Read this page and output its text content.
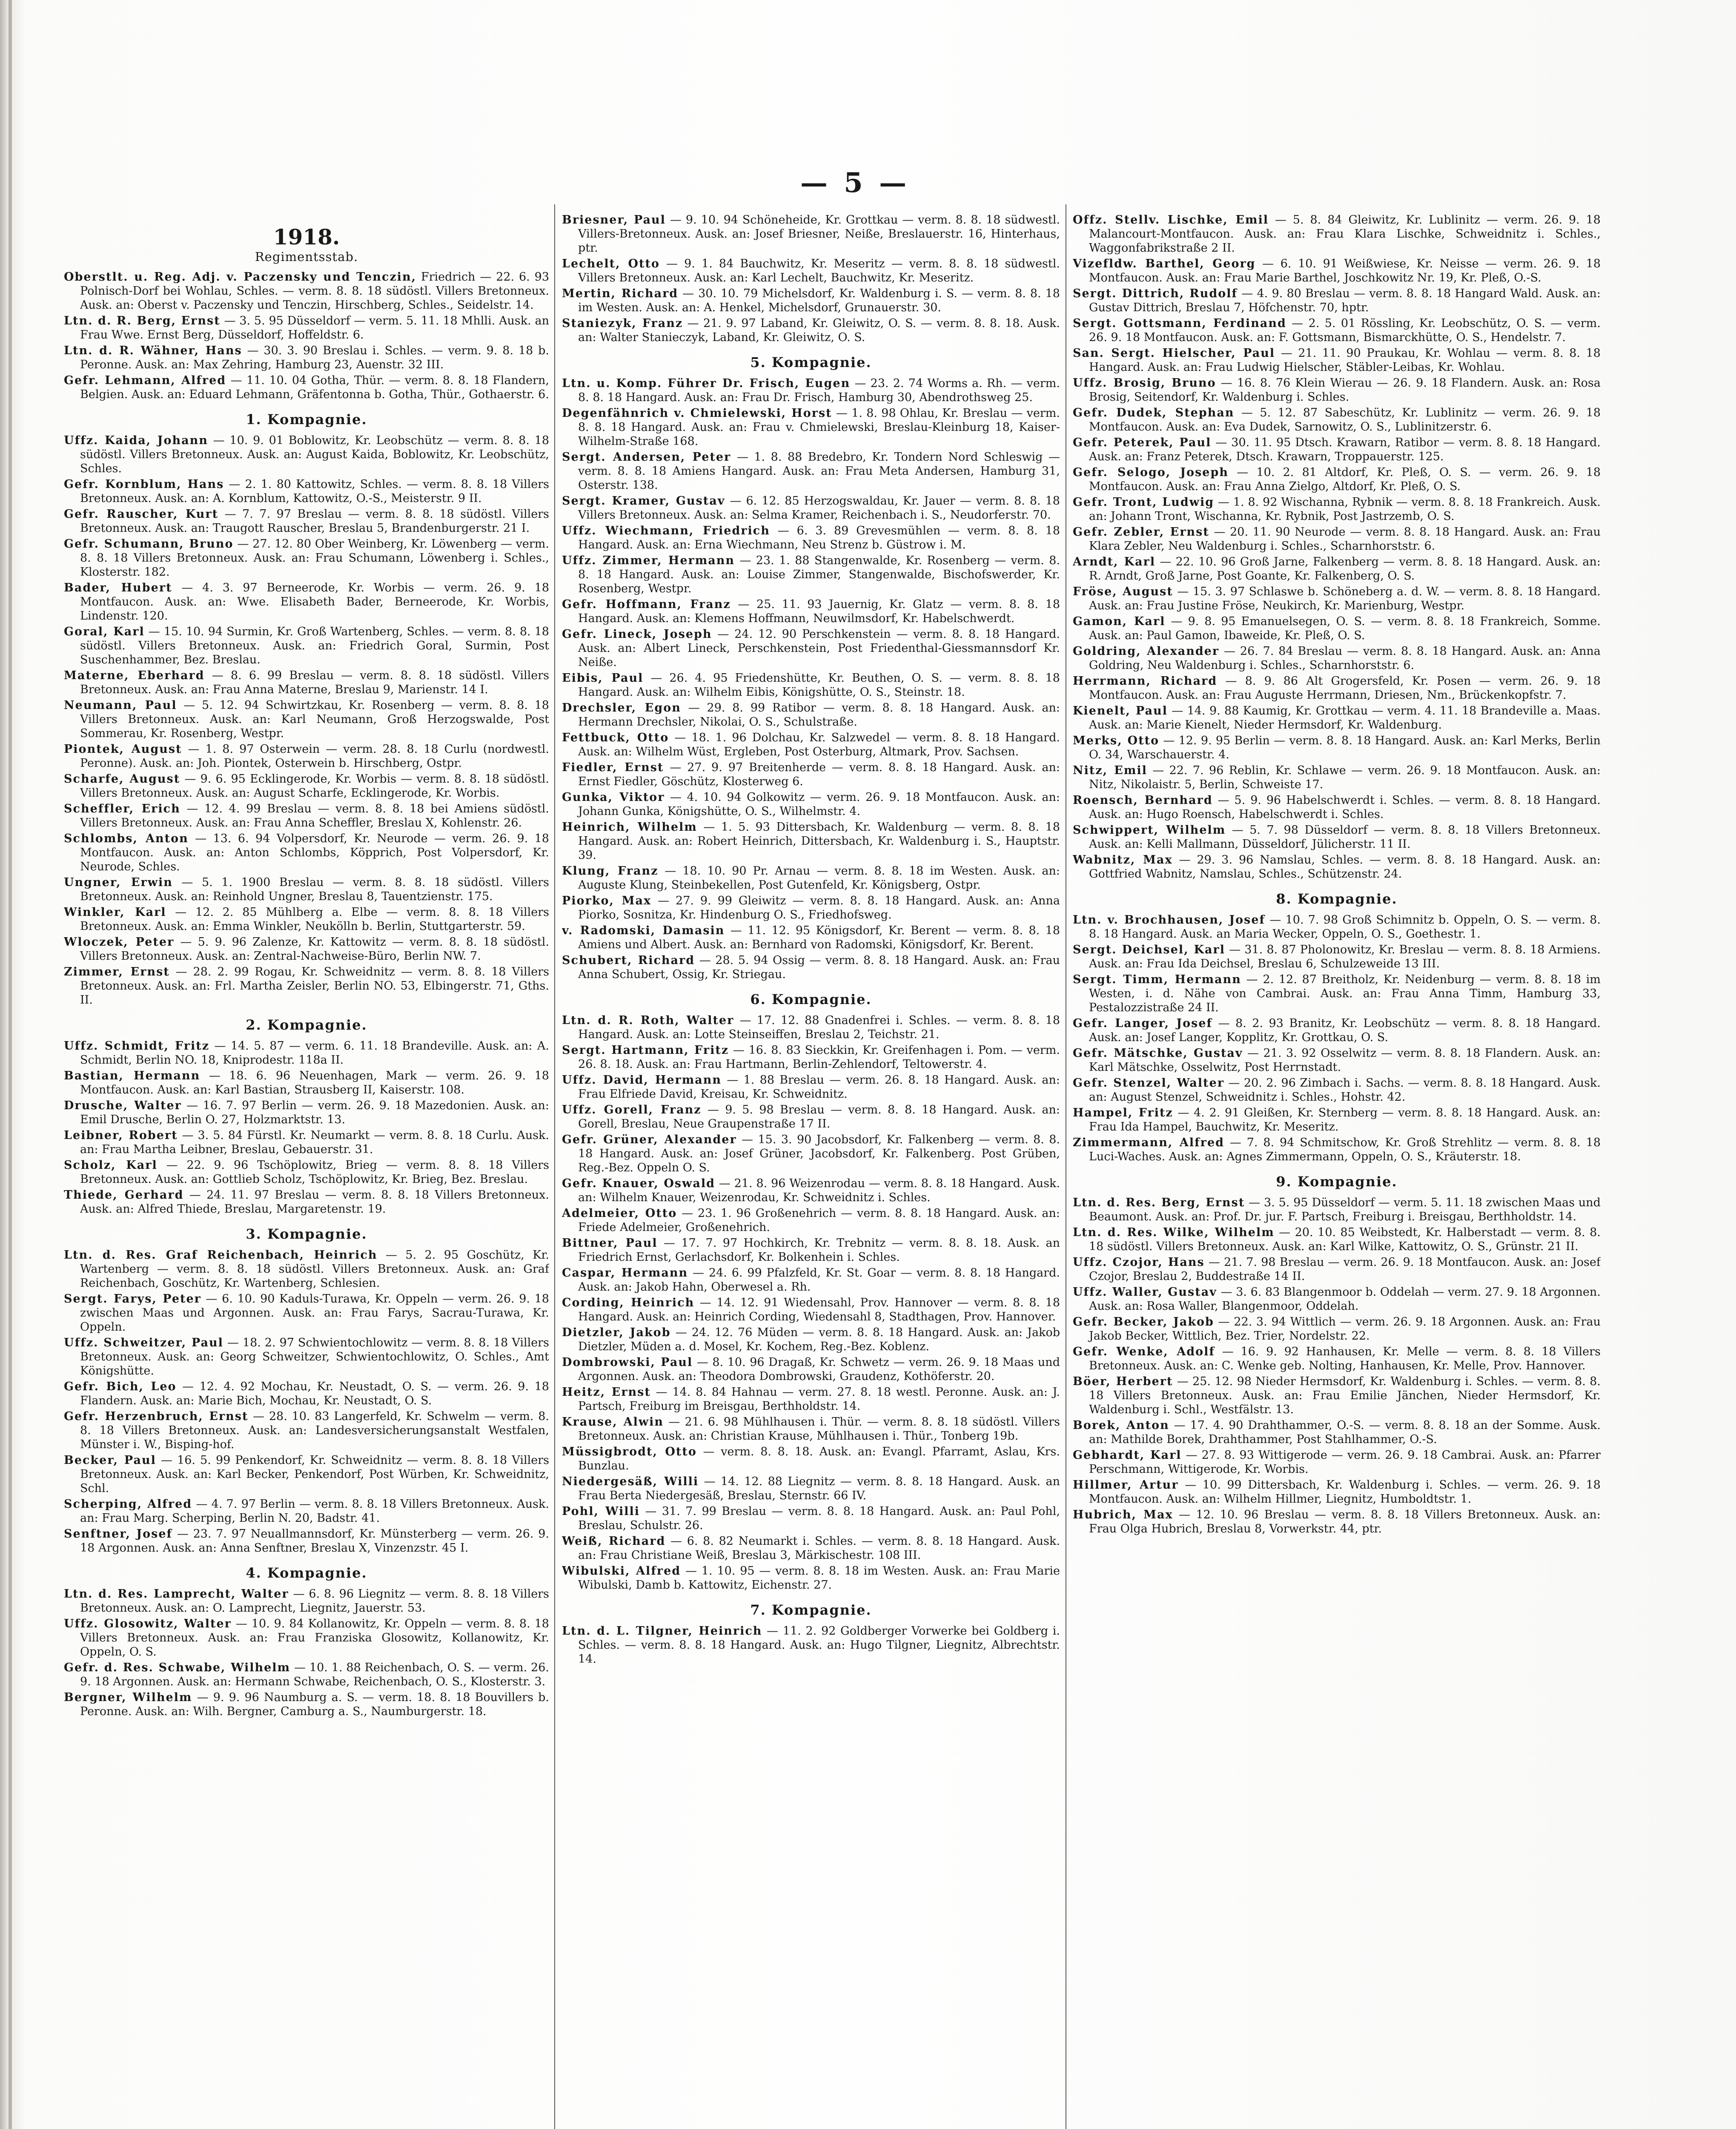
— 5 —
1918.
Regimentsstab.
Oberstlt. u. Reg. Adj. v. Paczensky und Tenczin, Friedrich — 22. 6. 93 Polnisch-Dorf bei Wohlau, Schles. — verm. 8. 8. 18 südöstl. Villers Bretonneux. Ausk. an: Oberst v. Paczensky und Tenczin, Hirschberg, Schles., Seidelstr. 14.
Ltn. d. R. Berg, Ernst — 3. 5. 95 Düsseldorf — verm. 5. 11. 18 Mhlli. Ausk. an Frau Wwe. Ernst Berg, Düsseldorf, Hoffeldstr. 6.
Ltn. d. R. Wähner, Hans — 30. 3. 90 Breslau i. Schles. — verm. 9. 8. 18 b. Peronne. Ausk. an: Max Zehring, Hamburg 23, Auenstr. 32 III.
Gefr. Lehmann, Alfred — 11. 10. 04 Gotha, Thür. — verm. 8. 8. 18 Flandern, Belgien. Ausk. an: Eduard Lehmann, Gräfentonna b. Gotha, Thür., Gothaerstr. 6.
1. Kompagnie.
Uffz. Kaida, Johann — 10. 9. 01 Boblowitz, Kr. Leobschütz — verm. 8. 8. 18 südöstl. Villers Bretonneux. Ausk. an: August Kaida, Boblowitz, Kr. Leobschütz, Schles.
Gefr. Kornblum, Hans — 2. 1. 80 Kattowitz, Schles. — verm. 8. 8. 18 Villers Bretonneux. Ausk. an: A. Kornblum, Kattowitz, O.-S., Meisterstr. 9 II.
Gefr. Rauscher, Kurt — 7. 7. 97 Breslau — verm. 8. 8. 18 südöstl. Villers Bretonneux. Ausk. an: Traugott Rauscher, Breslau 5, Brandenburgerstr. 21 I.
Gefr. Schumann, Bruno — 27. 12. 80 Ober Weinberg, Kr. Löwenberg — verm. 8. 8. 18 Villers Bretonneux. Ausk. an: Frau Schumann, Löwenberg i. Schles., Klosterstr. 182.
Bader, Hubert — 4. 3. 97 Berneerode, Kr. Worbis — verm. 26. 9. 18 Montfaucon. Ausk. an: Wwe. Elisabeth Bader, Berneerode, Kr. Worbis, Lindenstr. 120.
Goral, Karl — 15. 10. 94 Surmin, Kr. Groß Wartenberg, Schles. — verm. 8. 8. 18 südöstl. Villers Bretonneux. Ausk. an: Friedrich Goral, Surmin, Post Suschenhammer, Bez. Breslau.
Materne, Eberhard — 8. 6. 99 Breslau — verm. 8. 8. 18 südöstl. Villers Bretonneux. Ausk. an: Frau Anna Materne, Breslau 9, Marienstr. 14 I.
Neumann, Paul — 5. 12. 94 Schwirtzkau, Kr. Rosenberg — verm. 8. 8. 18 Villers Bretonneux. Ausk. an: Karl Neumann, Groß Herzogswalde, Post Sommerau, Kr. Rosenberg, Westpr.
Piontek, August — 1. 8. 97 Osterwein — verm. 28. 8. 18 Curlu (nordwestl. Peronne). Ausk. an: Joh. Piontek, Osterwein b. Hirschberg, Ostpr.
Scharfe, August — 9. 6. 95 Ecklingerode, Kr. Worbis — verm. 8. 8. 18 südöstl. Villers Bretonneux. Ausk. an: August Scharfe, Ecklingerode, Kr. Worbis.
Scheffler, Erich — 12. 4. 99 Breslau — verm. 8. 8. 18 bei Amiens südöstl. Villers Bretonneux. Ausk. an: Frau Anna Scheffler, Breslau X, Kohlenstr. 26.
Schlombs, Anton — 13. 6. 94 Volpersdorf, Kr. Neurode — verm. 26. 9. 18 Montfaucon. Ausk. an: Anton Schlombs, Köpprich, Post Volpersdorf, Kr. Neurode, Schles.
Ungner, Erwin — 5. 1. 1900 Breslau — verm. 8. 8. 18 südöstl. Villers Bretonneux. Ausk. an: Reinhold Ungner, Breslau 8, Tauentzienstr. 175.
Winkler, Karl — 12. 2. 85 Mühlberg a. Elbe — verm. 8. 8. 18 Villers Bretonneux. Ausk. an: Emma Winkler, Neukölln b. Berlin, Stuttgarterstr. 59.
Wloczek, Peter — 5. 9. 96 Zalenze, Kr. Kattowitz — verm. 8. 8. 18 südöstl. Villers Bretonneux. Ausk. an: Zentral-Nachweise-Büro, Berlin NW. 7.
Zimmer, Ernst — 28. 2. 99 Rogau, Kr. Schweidnitz — verm. 8. 8. 18 Villers Bretonneux. Ausk. an: Frl. Martha Zeisler, Berlin NO. 53, Elbingerstr. 71, Gths. II.
2. Kompagnie.
Uffz. Schmidt, Fritz — 14. 5. 87 — verm. 6. 11. 18 Brandeville. Ausk. an: A. Schmidt, Berlin NO. 18, Kniprodestr. 118a II.
Bastian, Hermann — 18. 6. 96 Neuenhagen, Mark — verm. 26. 9. 18 Montfaucon. Ausk. an: Karl Bastian, Strausberg II, Kaiserstr. 108.
Drusche, Walter — 16. 7. 97 Berlin — verm. 26. 9. 18 Mazedonien. Ausk. an: Emil Drusche, Berlin O. 27, Holzmarktstr. 13.
Leibner, Robert — 3. 5. 84 Fürstl. Kr. Neumarkt — verm. 8. 8. 18 Curlu. Ausk. an: Frau Martha Leibner, Breslau, Gebauerstr. 31.
Scholz, Karl — 22. 9. 96 Tschöplowitz, Brieg — verm. 8. 8. 18 Villers Bretonneux. Ausk. an: Gottlieb Scholz, Tschöplowitz, Kr. Brieg, Bez. Breslau.
Thiede, Gerhard — 24. 11. 97 Breslau — verm. 8. 8. 18 Villers Bretonneux. Ausk. an: Alfred Thiede, Breslau, Margaretenstr. 19.
3. Kompagnie.
Ltn. d. Res. Graf Reichenbach, Heinrich — 5. 2. 95 Goschütz, Kr. Wartenberg — verm. 8. 8. 18 südöstl. Villers Bretonneux. Ausk. an: Graf Reichenbach, Goschütz, Kr. Wartenberg, Schlesien.
Sergt. Farys, Peter — 6. 10. 90 Kaduls-Turawa, Kr. Oppeln — verm. 26. 9. 18 zwischen Maas und Argonnen. Ausk. an: Frau Farys, Sacrau-Turawa, Kr. Oppeln.
Uffz. Schweitzer, Paul — 18. 2. 97 Schwientochlowitz — verm. 8. 8. 18 Villers Bretonneux. Ausk. an: Georg Schweitzer, Schwientochlowitz, O. Schles., Amt Königshütte.
Gefr. Bich, Leo — 12. 4. 92 Mochau, Kr. Neustadt, O. S. — verm. 26. 9. 18 Flandern. Ausk. an: Marie Bich, Mochau, Kr. Neustadt, O. S.
Gefr. Herzenbruch, Ernst — 28. 10. 83 Langerfeld, Kr. Schwelm — verm. 8. 8. 18 Villers Bretonneux. Ausk. an: Landesversicherungsanstalt Westfalen, Münster i. W., Bisping-hof.
Becker, Paul — 16. 5. 99 Penkendorf, Kr. Schweidnitz — verm. 8. 8. 18 Villers Bretonneux. Ausk. an: Karl Becker, Penkendorf, Post Würben, Kr. Schweidnitz, Schl.
Scherping, Alfred — 4. 7. 97 Berlin — verm. 8. 8. 18 Villers Bretonneux. Ausk. an: Frau Marg. Scherping, Berlin N. 20, Badstr. 41.
Senftner, Josef — 23. 7. 97 Neuallmannsdorf, Kr. Münsterberg — verm. 26. 9. 18 Argonnen. Ausk. an: Anna Senftner, Breslau X, Vinzenzstr. 45 I.
4. Kompagnie.
Ltn. d. Res. Lamprecht, Walter — 6. 8. 96 Liegnitz — verm. 8. 8. 18 Villers Bretonneux. Ausk. an: O. Lamprecht, Liegnitz, Jauerstr. 53.
Uffz. Glosowitz, Walter — 10. 9. 84 Kollanowitz, Kr. Oppeln — verm. 8. 8. 18 Villers Bretonneux. Ausk. an: Frau Franziska Glosowitz, Kollanowitz, Kr. Oppeln, O. S.
Gefr. d. Res. Schwabe, Wilhelm — 10. 1. 88 Reichenbach, O. S. — verm. 26. 9. 18 Argonnen. Ausk. an: Hermann Schwabe, Reichenbach, O. S., Klosterstr. 3.
Bergner, Wilhelm — 9. 9. 96 Naumburg a. S. — verm. 18. 8. 18 Bouvillers b. Peronne. Ausk. an: Wilh. Bergner, Camburg a. S., Naumburgerstr. 18.
Briesner, Paul — 9. 10. 94 Schöneheide, Kr. Grottkau — verm. 8. 8. 18 südwestl. Villers-Bretonneux. Ausk. an: Josef Briesner, Neiße, Breslauerstr. 16, Hinterhaus, ptr.
Lechelt, Otto — 9. 1. 84 Bauchwitz, Kr. Meseritz — verm. 8. 8. 18 südwestl. Villers Bretonneux. Ausk. an: Karl Lechelt, Bauchwitz, Kr. Meseritz.
Mertin, Richard — 30. 10. 79 Michelsdorf, Kr. Waldenburg i. S. — verm. 8. 8. 18 im Westen. Ausk. an: A. Henkel, Michelsdorf, Grunauerstr. 30.
Staniezyk, Franz — 21. 9. 97 Laband, Kr. Gleiwitz, O. S. — verm. 8. 8. 18. Ausk. an: Walter Stanieczyk, Laband, Kr. Gleiwitz, O. S.
5. Kompagnie.
Ltn. u. Komp. Führer Dr. Frisch, Eugen — 23. 2. 74 Worms a. Rh. — verm. 8. 8. 18 Hangard. Ausk. an: Frau Dr. Frisch, Hamburg 30, Abendrothsweg 25.
Degenfähnrich v. Chmielewski, Horst — 1. 8. 98 Ohlau, Kr. Breslau — verm. 8. 8. 18 Hangard. Ausk. an: Frau v. Chmielewski, Breslau-Kleinburg 18, Kaiser-Wilhelm-Straße 168.
Sergt. Andersen, Peter — 1. 8. 88 Bredebro, Kr. Tondern Nord Schleswig — verm. 8. 8. 18 Amiens Hangard. Ausk. an: Frau Meta Andersen, Hamburg 31, Osterstr. 138.
Sergt. Kramer, Gustav — 6. 12. 85 Herzogswaldau, Kr. Jauer — verm. 8. 8. 18 Villers Bretonneux. Ausk. an: Selma Kramer, Reichenbach i. S., Neudorferstr. 70.
Uffz. Wiechmann, Friedrich — 6. 3. 89 Grevesmühlen — verm. 8. 8. 18 Hangard. Ausk. an: Erna Wiechmann, Neu Strenz b. Güstrow i. M.
Uffz. Zimmer, Hermann — 23. 1. 88 Stangenwalde, Kr. Rosenberg — verm. 8. 8. 18 Hangard. Ausk. an: Louise Zimmer, Stangenwalde, Bischofswerder, Kr. Rosenberg, Westpr.
Gefr. Hoffmann, Franz — 25. 11. 93 Jauernig, Kr. Glatz — verm. 8. 8. 18 Hangard. Ausk. an: Klemens Hoffmann, Neuwilmsdorf, Kr. Habelschwerdt.
Gefr. Lineck, Joseph — 24. 12. 90 Perschkenstein — verm. 8. 8. 18 Hangard. Ausk. an: Albert Lineck, Perschkenstein, Post Friedenthal-Giessmannsdorf Kr. Neiße.
Eibis, Paul — 26. 4. 95 Friedenshütte, Kr. Beuthen, O. S. — verm. 8. 8. 18 Hangard. Ausk. an: Wilhelm Eibis, Königshütte, O. S., Steinstr. 18.
Drechsler, Egon — 29. 8. 99 Ratibor — verm. 8. 8. 18 Hangard. Ausk. an: Hermann Drechsler, Nikolai, O. S., Schulstraße.
Fettbuck, Otto — 18. 1. 96 Dolchau, Kr. Salzwedel — verm. 8. 8. 18 Hangard. Ausk. an: Wilhelm Wüst, Ergleben, Post Osterburg, Altmark, Prov. Sachsen.
Fiedler, Ernst — 27. 9. 97 Breitenherde — verm. 8. 8. 18 Hangard. Ausk. an: Ernst Fiedler, Göschütz, Klosterweg 6.
Gunka, Viktor — 4. 10. 94 Golkowitz — verm. 26. 9. 18 Montfaucon. Ausk. an: Johann Gunka, Königshütte, O. S., Wilhelmstr. 4.
Heinrich, Wilhelm — 1. 5. 93 Dittersbach, Kr. Waldenburg — verm. 8. 8. 18 Hangard. Ausk. an: Robert Heinrich, Dittersbach, Kr. Waldenburg i. S., Hauptstr. 39.
Klung, Franz — 18. 10. 90 Pr. Arnau — verm. 8. 8. 18 im Westen. Ausk. an: Auguste Klung, Steinbekellen, Post Gutenfeld, Kr. Königsberg, Ostpr.
Piorko, Max — 27. 9. 99 Gleiwitz — verm. 8. 8. 18 Hangard. Ausk. an: Anna Piorko, Sosnitza, Kr. Hindenburg O. S., Friedhofsweg.
v. Radomski, Damasin — 11. 12. 95 Königsdorf, Kr. Berent — verm. 8. 8. 18 Amiens und Albert. Ausk. an: Bernhard von Radomski, Königsdorf, Kr. Berent.
Schubert, Richard — 28. 5. 94 Ossig — verm. 8. 8. 18 Hangard. Ausk. an: Frau Anna Schubert, Ossig, Kr. Striegau.
6. Kompagnie.
Ltn. d. R. Roth, Walter — 17. 12. 88 Gnadenfrei i. Schles. — verm. 8. 8. 18 Hangard. Ausk. an: Lotte Steinseiffen, Breslau 2, Teichstr. 21.
Sergt. Hartmann, Fritz — 16. 8. 83 Sieckkin, Kr. Greifenhagen i. Pom. — verm. 26. 8. 18. Ausk. an: Frau Hartmann, Berlin-Zehlendorf, Teltowerstr. 4.
Uffz. David, Hermann — 1. 88 Breslau — verm. 26. 8. 18 Hangard. Ausk. an: Frau Elfriede David, Kreisau, Kr. Schweidnitz.
Uffz. Gorell, Franz — 9. 5. 98 Breslau — verm. 8. 8. 18 Hangard. Ausk. an: Gorell, Breslau, Neue Graupenstraße 17 II.
Gefr. Grüner, Alexander — 15. 3. 90 Jacobsdorf, Kr. Falkenberg — verm. 8. 8. 18 Hangard. Ausk. an: Josef Grüner, Jacobsdorf, Kr. Falkenberg. Post Grüben, Reg.-Bez. Oppeln O. S.
Gefr. Knauer, Oswald — 21. 8. 96 Weizenrodau — verm. 8. 8. 18 Hangard. Ausk. an: Wilhelm Knauer, Weizenrodau, Kr. Schweidnitz i. Schles.
Adelmeier, Otto — 23. 1. 96 Großenehrich — verm. 8. 8. 18 Hangard. Ausk. an: Friede Adelmeier, Großenehrich.
Bittner, Paul — 17. 7. 97 Hochkirch, Kr. Trebnitz — verm. 8. 8. 18. Ausk. an Friedrich Ernst, Gerlachsdorf, Kr. Bolkenhein i. Schles.
Caspar, Hermann — 24. 6. 99 Pfalzfeld, Kr. St. Goar — verm. 8. 8. 18 Hangard. Ausk. an: Jakob Hahn, Oberwesel a. Rh.
Cording, Heinrich — 14. 12. 91 Wiedensahl, Prov. Hannover — verm. 8. 8. 18 Hangard. Ausk. an: Heinrich Cording, Wiedensahl 8, Stadthagen, Prov. Hannover.
Dietzler, Jakob — 24. 12. 76 Müden — verm. 8. 8. 18 Hangard. Ausk. an: Jakob Dietzler, Müden a. d. Mosel, Kr. Kochem, Reg.-Bez. Koblenz.
Dombrowski, Paul — 8. 10. 96 Dragaß, Kr. Schwetz — verm. 26. 9. 18 Maas und Argonnen. Ausk. an: Theodora Dombrowski, Graudenz, Kothöferstr. 20.
Heitz, Ernst — 14. 8. 84 Hahnau — verm. 27. 8. 18 westl. Peronne. Ausk. an: J. Partsch, Freiburg im Breisgau, Berthholdstr. 14.
Krause, Alwin — 21. 6. 98 Mühlhausen i. Thür. — verm. 8. 8. 18 südöstl. Villers Bretonneux. Ausk. an: Christian Krause, Mühlhausen i. Thür., Tonberg 19b.
Müssigbrodt, Otto — verm. 8. 8. 18. Ausk. an: Evangl. Pfarramt, Aslau, Krs. Bunzlau.
Niedergesäß, Willi — 14. 12. 88 Liegnitz — verm. 8. 8. 18 Hangard. Ausk. an Frau Berta Niedergesäß, Breslau, Sternstr. 66 IV.
Pohl, Willi — 31. 7. 99 Breslau — verm. 8. 8. 18 Hangard. Ausk. an: Paul Pohl, Breslau, Schulstr. 26.
Weiß, Richard — 6. 8. 82 Neumarkt i. Schles. — verm. 8. 8. 18 Hangard. Ausk. an: Frau Christiane Weiß, Breslau 3, Märkischestr. 108 III.
Wibulski, Alfred — 1. 10. 95 — verm. 8. 8. 18 im Westen. Ausk. an: Frau Marie Wibulski, Damb b. Kattowitz, Eichenstr. 27.
7. Kompagnie.
Ltn. d. L. Tilgner, Heinrich — 11. 2. 92 Goldberger Vorwerke bei Goldberg i. Schles. — verm. 8. 8. 18 Hangard. Ausk. an: Hugo Tilgner, Liegnitz, Albrechtstr. 14.
Offz. Stellv. Lischke, Emil — 5. 8. 84 Gleiwitz, Kr. Lublinitz — verm. 26. 9. 18 Malancourt-Montfaucon. Ausk. an: Frau Klara Lischke, Schweidnitz i. Schles., Waggonfabrikstraße 2 II.
Vizefldw. Barthel, Georg — 6. 10. 91 Weißwiese, Kr. Neisse — verm. 26. 9. 18 Montfaucon. Ausk. an: Frau Marie Barthel, Joschkowitz Nr. 19, Kr. Pleß, O.-S.
Sergt. Dittrich, Rudolf — 4. 9. 80 Breslau — verm. 8. 8. 18 Hangard Wald. Ausk. an: Gustav Dittrich, Breslau 7, Höfchenstr. 70, hptr.
Sergt. Gottsmann, Ferdinand — 2. 5. 01 Rössling, Kr. Leobschütz, O. S. — verm. 26. 9. 18 Montfaucon. Ausk. an: F. Gottsmann, Bismarckhütte, O. S., Hendelstr. 7.
San. Sergt. Hielscher, Paul — 21. 11. 90 Praukau, Kr. Wohlau — verm. 8. 8. 18 Hangard. Ausk. an: Frau Ludwig Hielscher, Stäbler-Leibas, Kr. Wohlau.
Uffz. Brosig, Bruno — 16. 8. 76 Klein Wierau — 26. 9. 18 Flandern. Ausk. an: Rosa Brosig, Seitendorf, Kr. Waldenburg i. Schles.
Gefr. Dudek, Stephan — 5. 12. 87 Sabeschütz, Kr. Lublinitz — verm. 26. 9. 18 Montfaucon. Ausk. an: Eva Dudek, Sarnowitz, O. S., Lublinitzerstr. 6.
Gefr. Peterek, Paul — 30. 11. 95 Dtsch. Krawarn, Ratibor — verm. 8. 8. 18 Hangard. Ausk. an: Franz Peterek, Dtsch. Krawarn, Troppauerstr. 125.
Gefr. Selogo, Joseph — 10. 2. 81 Altdorf, Kr. Pleß, O. S. — verm. 26. 9. 18 Montfaucon. Ausk. an: Frau Anna Zielgo, Altdorf, Kr. Pleß, O. S.
Gefr. Tront, Ludwig — 1. 8. 92 Wischanna, Rybnik — verm. 8. 8. 18 Frankreich. Ausk. an: Johann Tront, Wischanna, Kr. Rybnik, Post Jastrzemb, O. S.
Gefr. Zebler, Ernst — 20. 11. 90 Neurode — verm. 8. 8. 18 Hangard. Ausk. an: Frau Klara Zebler, Neu Waldenburg i. Schles., Scharnhorststr. 6.
Arndt, Karl — 22. 10. 96 Groß Jarne, Falkenberg — verm. 8. 8. 18 Hangard. Ausk. an: R. Arndt, Groß Jarne, Post Goante, Kr. Falkenberg, O. S.
Fröse, August — 15. 3. 97 Schlaswe b. Schöneberg a. d. W. — verm. 8. 8. 18 Hangard. Ausk. an: Frau Justine Fröse, Neukirch, Kr. Marienburg, Westpr.
Gamon, Karl — 9. 8. 95 Emanuelsegen, O. S. — verm. 8. 8. 18 Frankreich, Somme. Ausk. an: Paul Gamon, Ibaweide, Kr. Pleß, O. S.
Goldring, Alexander — 26. 7. 84 Breslau — verm. 8. 8. 18 Hangard. Ausk. an: Anna Goldring, Neu Waldenburg i. Schles., Scharnhorststr. 6.
Herrmann, Richard — 8. 9. 86 Alt Grogersfeld, Kr. Posen — verm. 26. 9. 18 Montfaucon. Ausk. an: Frau Auguste Herrmann, Driesen, Nm., Brückenkopfstr. 7.
Kienelt, Paul — 14. 9. 88 Kaumig, Kr. Grottkau — verm. 4. 11. 18 Brandeville a. Maas. Ausk. an: Marie Kienelt, Nieder Hermsdorf, Kr. Waldenburg.
Merks, Otto — 12. 9. 95 Berlin — verm. 8. 8. 18 Hangard. Ausk. an: Karl Merks, Berlin O. 34, Warschauerstr. 4.
Nitz, Emil — 22. 7. 96 Reblin, Kr. Schlawe — verm. 26. 9. 18 Montfaucon. Ausk. an: Nitz, Nikolaistr. 5, Berlin, Schweiste 17.
Roensch, Bernhard — 5. 9. 96 Habelschwerdt i. Schles. — verm. 8. 8. 18 Hangard. Ausk. an: Hugo Roensch, Habelschwerdt i. Schles.
Schwippert, Wilhelm — 5. 7. 98 Düsseldorf — verm. 8. 8. 18 Villers Bretonneux. Ausk. an: Kelli Mallmann, Düsseldorf, Jülicherstr. 11 II.
Wabnitz, Max — 29. 3. 96 Namslau, Schles. — verm. 8. 8. 18 Hangard. Ausk. an: Gottfried Wabnitz, Namslau, Schles., Schützenstr. 24.
8. Kompagnie.
Ltn. v. Brochhausen, Josef — 10. 7. 98 Groß Schimnitz b. Oppeln, O. S. — verm. 8. 8. 18 Hangard. Ausk. an Maria Wecker, Oppeln, O. S., Goethestr. 1.
Sergt. Deichsel, Karl — 31. 8. 87 Pholonowitz, Kr. Breslau — verm. 8. 8. 18 Armiens. Ausk. an: Frau Ida Deichsel, Breslau 6, Schulzeweide 13 III.
Sergt. Timm, Hermann — 2. 12. 87 Breitholz, Kr. Neidenburg — verm. 8. 8. 18 im Westen, i. d. Nähe von Cambrai. Ausk. an: Frau Anna Timm, Hamburg 33, Pestalozzistraße 24 II.
Gefr. Langer, Josef — 8. 2. 93 Branitz, Kr. Leobschütz — verm. 8. 8. 18 Hangard. Ausk. an: Josef Langer, Kopplitz, Kr. Grottkau, O. S.
Gefr. Mätschke, Gustav — 21. 3. 92 Osselwitz — verm. 8. 8. 18 Flandern. Ausk. an: Karl Mätschke, Osselwitz, Post Herrnstadt.
Gefr. Stenzel, Walter — 20. 2. 96 Zimbach i. Sachs. — verm. 8. 8. 18 Hangard. Ausk. an: August Stenzel, Schweidnitz i. Schles., Hohstr. 42.
Hampel, Fritz — 4. 2. 91 Gleißen, Kr. Sternberg — verm. 8. 8. 18 Hangard. Ausk. an: Frau Ida Hampel, Bauchwitz, Kr. Meseritz.
Zimmermann, Alfred — 7. 8. 94 Schmitschow, Kr. Groß Strehlitz — verm. 8. 8. 18 Luci-Waches. Ausk. an: Agnes Zimmermann, Oppeln, O. S., Kräuterstr. 18.
9. Kompagnie.
Ltn. d. Res. Berg, Ernst — 3. 5. 95 Düsseldorf — verm. 5. 11. 18 zwischen Maas und Beaumont. Ausk. an: Prof. Dr. jur. F. Partsch, Freiburg i. Breisgau, Berthholdstr. 14.
Ltn. d. Res. Wilke, Wilhelm — 20. 10. 85 Weibstedt, Kr. Halberstadt — verm. 8. 8. 18 südöstl. Villers Bretonneux. Ausk. an: Karl Wilke, Kattowitz, O. S., Grünstr. 21 II.
Uffz. Czojor, Hans — 21. 7. 98 Breslau — verm. 26. 9. 18 Montfaucon. Ausk. an: Josef Czojor, Breslau 2, Buddestraße 14 II.
Uffz. Waller, Gustav — 3. 6. 83 Blangenmoor b. Oddelah — verm. 27. 9. 18 Argonnen. Ausk. an: Rosa Waller, Blangenmoor, Oddelah.
Gefr. Becker, Jakob — 22. 3. 94 Wittlich — verm. 26. 9. 18 Argonnen. Ausk. an: Frau Jakob Becker, Wittlich, Bez. Trier, Nordelstr. 22.
Gefr. Wenke, Adolf — 16. 9. 92 Hanhausen, Kr. Melle — verm. 8. 8. 18 Villers Bretonneux. Ausk. an: C. Wenke geb. Nolting, Hanhausen, Kr. Melle, Prov. Hannover.
Böer, Herbert — 25. 12. 98 Nieder Hermsdorf, Kr. Waldenburg i. Schles. — verm. 8. 8. 18 Villers Bretonneux. Ausk. an: Frau Emilie Jänchen, Nieder Hermsdorf, Kr. Waldenburg i. Schl., Westfälstr. 13.
Borek, Anton — 17. 4. 90 Drahthammer, O.-S. — verm. 8. 8. 18 an der Somme. Ausk. an: Mathilde Borek, Drahthammer, Post Stahlhammer, O.-S.
Gebhardt, Karl — 27. 8. 93 Wittigerode — verm. 26. 9. 18 Cambrai. Ausk. an: Pfarrer Perschmann, Wittigerode, Kr. Worbis.
Hillmer, Artur — 10. 99 Dittersbach, Kr. Waldenburg i. Schles. — verm. 26. 9. 18 Montfaucon. Ausk. an: Wilhelm Hillmer, Liegnitz, Humboldtstr. 1.
Hubrich, Max — 12. 10. 96 Breslau — verm. 8. 8. 18 Villers Bretonneux. Ausk. an: Frau Olga Hubrich, Breslau 8, Vorwerkstr. 44, ptr.
